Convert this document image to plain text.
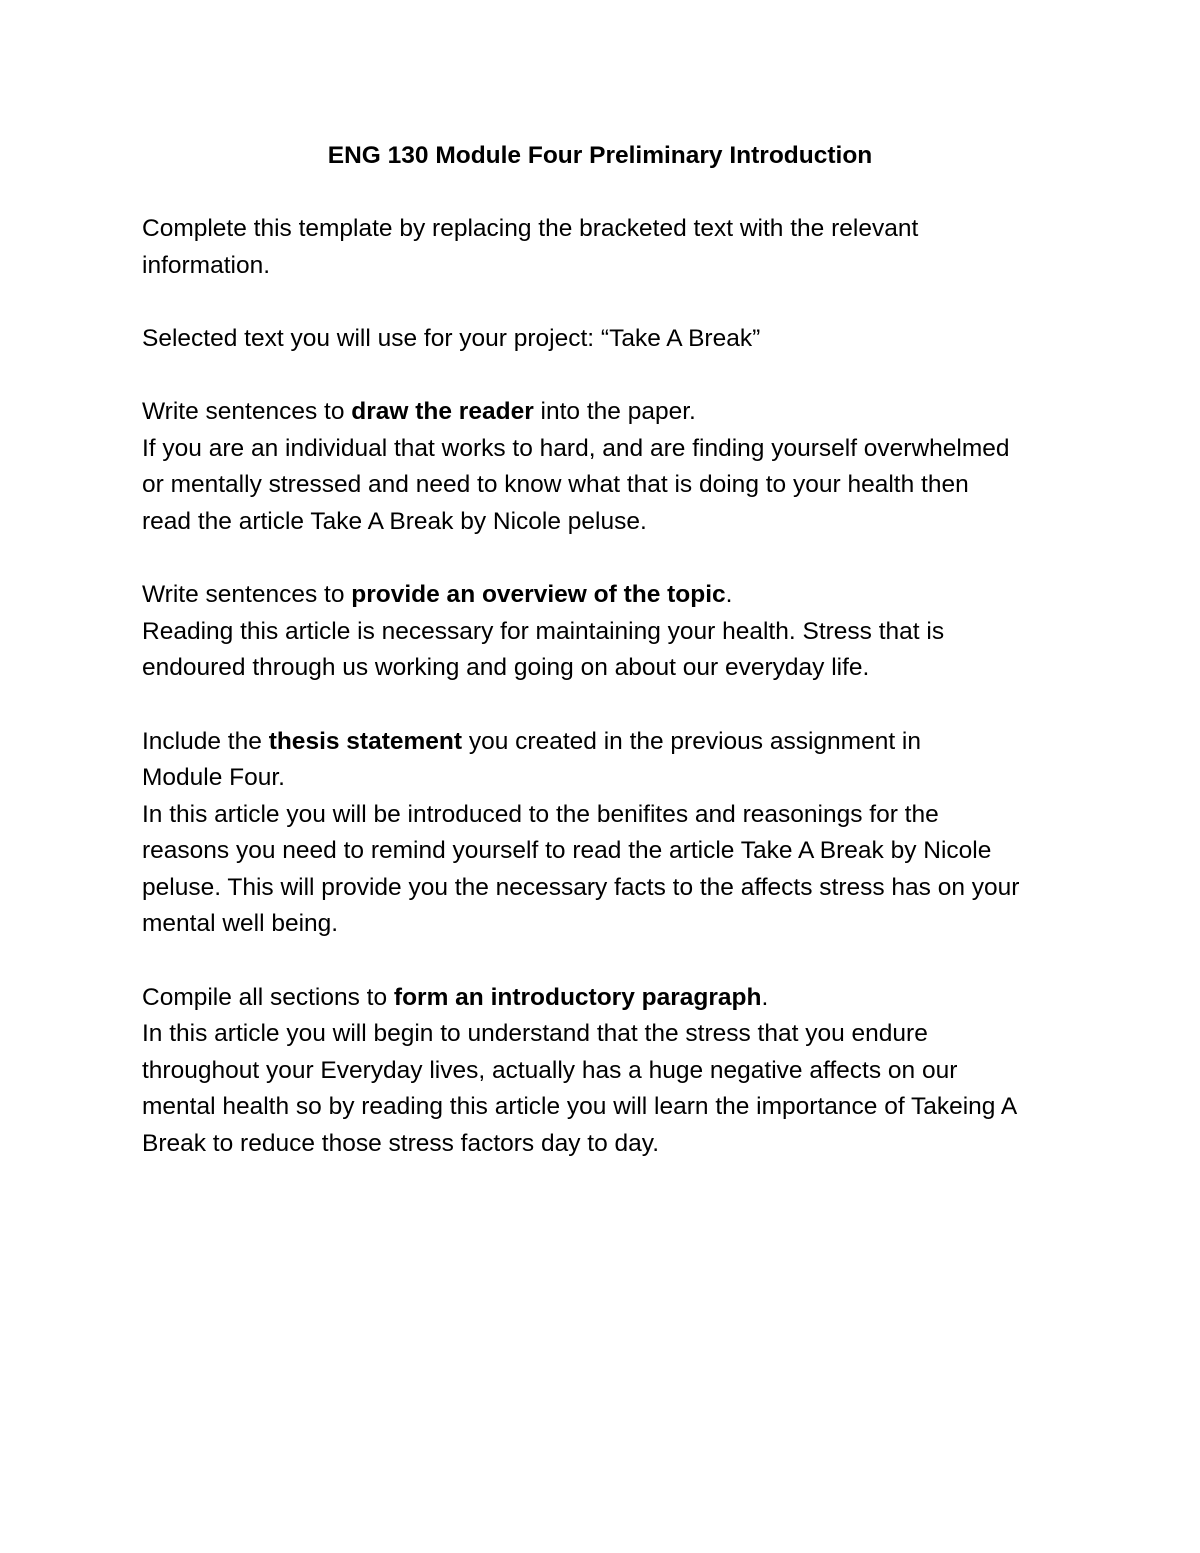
ENG 130 Module Four Preliminary Introduction

Complete this template by replacing the bracketed text with the relevant information.

Selected text you will use for your project: “Take A Break”

Write sentences to draw the reader into the paper.

If you are an individual that works to hard, and are finding yourself overwhelmed or mentally stressed and need to know what that is doing to your health then read the article Take A Break by Nicole peluse.

Write sentences to provide an overview of the topic.

Reading this article is necessary for maintaining your health. Stress that is endoured through us working and going on about our everyday life.

Include the thesis statement you created in the previous assignment in Module Four.

In this article you will be introduced to the benifites and reasonings for the reasons you need to remind yourself to read the article Take A Break by Nicole peluse. This will provide you the necessary facts to the affects stress has on your mental well being.

Compile all sections to form an introductory paragraph.

In this article you will begin to understand that the stress that you endure throughout your Everyday lives, actually has a huge negative affects on our mental health so by reading this article you will learn the importance of Takeing A Break to reduce those stress factors day to day.
